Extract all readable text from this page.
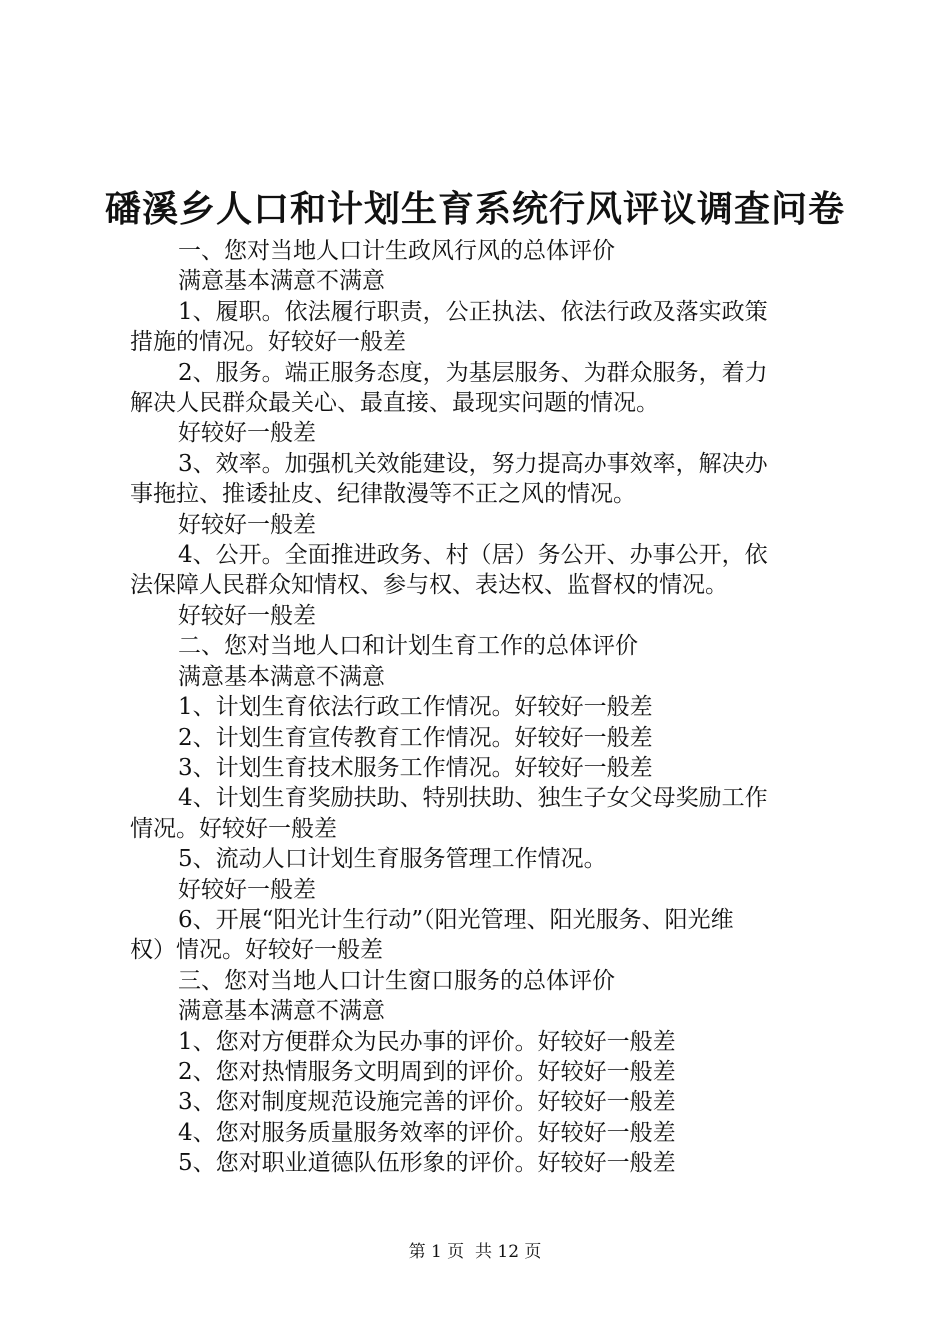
磻溪乡人口和计划生育系统行风评议调查问卷

一、您对当地人口计生政风行风的总体评价

满意基本满意不满意

1、履职。依法履行职责，公正执法、依法行政及落实政策

措施的情况。好较好一般差

2、服务。端正服务态度，为基层服务、为群众服务，着力

解决人民群众最关心、最直接、最现实问题的情况。

好较好一般差

3、效率。加强机关效能建设，努力提高办事效率，解决办

事拖拉、推诿扯皮、纪律散漫等不正之风的情况。

好较好一般差

4、公开。全面推进政务、村（居）务公开、办事公开，依

法保障人民群众知情权、参与权、表达权、监督权的情况。

好较好一般差

二、您对当地人口和计划生育工作的总体评价

满意基本满意不满意

1、计划生育依法行政工作情况。好较好一般差

2、计划生育宣传教育工作情况。好较好一般差

3、计划生育技术服务工作情况。好较好一般差

4、计划生育奖励扶助、特别扶助、独生子女父母奖励工作

情况。好较好一般差

5、流动人口计划生育服务管理工作情况。

好较好一般差

6、开展“阳光计生行动”（阳光管理、阳光服务、阳光维

权）情况。好较好一般差

三、您对当地人口计生窗口服务的总体评价

满意基本满意不满意

1、您对方便群众为民办事的评价。好较好一般差

2、您对热情服务文明周到的评价。好较好一般差

3、您对制度规范设施完善的评价。好较好一般差

4、您对服务质量服务效率的评价。好较好一般差

5、您对职业道德队伍形象的评价。好较好一般差

第 1 页  共 12 页
